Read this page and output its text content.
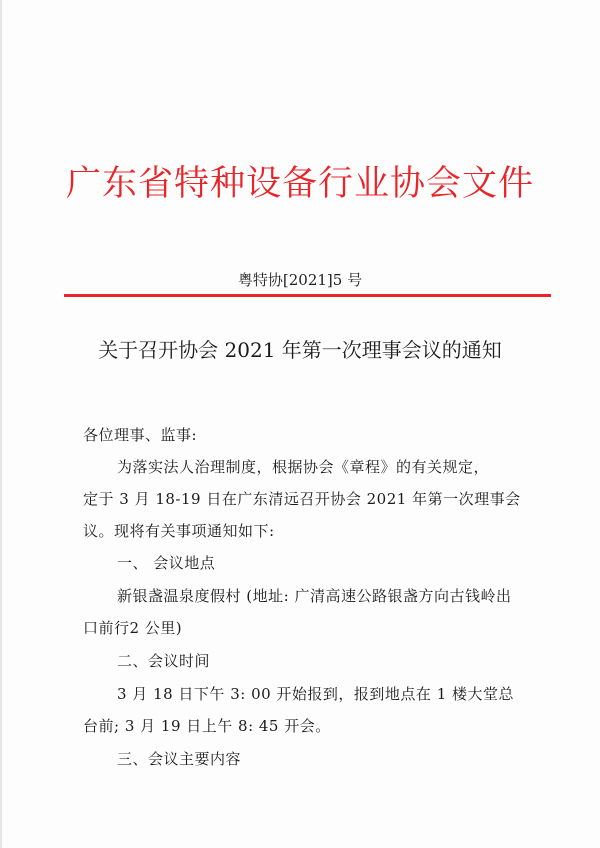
广东省特种设备行业协会文件
粤特协[2021]5 号
关于召开协会 2021 年第一次理事会议的通知
各位理事、监事:
为落实法人治理制度，根据协会《章程》的有关规定，
定于 3 月 18-19 日在广东清远召开协会 2021 年第一次理事会
议。现将有关事项通知如下:
一、 会议地点
新银盏温泉度假村 (地址: 广清高速公路银盏方向古钱岭出
口前行2 公里)
二、会议时间
3 月 18 日下午 3: 00 开始报到，报到地点在 1 楼大堂总
台前; 3 月 19 日上午 8: 45 开会。
三、会议主要内容
